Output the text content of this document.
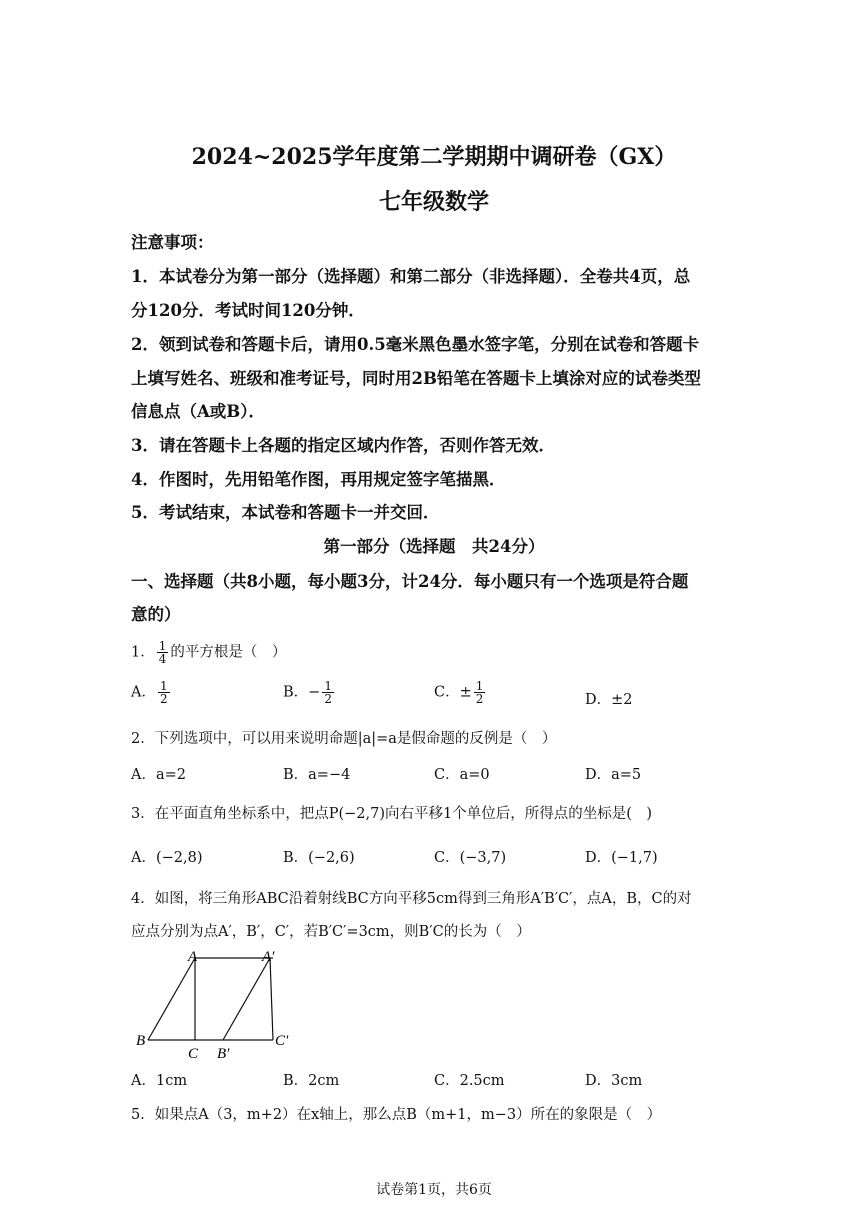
2024~2025学年度第二学期期中调研卷（GX）
七年级数学
注意事项：
1．本试卷分为第一部分（选择题）和第二部分（非选择题）．全卷共4页，总
分120分．考试时间120分钟．
2．领到试卷和答题卡后，请用0.5毫米黑色墨水签字笔，分别在试卷和答题卡
上填写姓名、班级和准考证号，同时用2B铅笔在答题卡上填涂对应的试卷类型
信息点（A或B）．
3．请在答题卡上各题的指定区域内作答，否则作答无效．
4．作图时，先用铅笔作图，再用规定签字笔描黑．
5．考试结束，本试卷和答题卡一并交回．
第一部分（选择题　共24分）
一、选择题（共8小题，每小题3分，计24分．每小题只有一个选项是符合题
意的）
1． $\frac{1}{4}$ 的平方根是（　）
A． $\frac{1}{2}$	B．− $\frac{1}{2}$	C．± $\frac{1}{2}$	D．±2
2．下列选项中，可以用来说明命题|a|=a是假命题的反例是（　）
A．a=2	B．a=−4	C．a=0	D．a=5
3．在平面直角坐标系中，把点P(−2,7)向右平移1个单位后，所得点的坐标是(　)
A．(−2,8)	B．(−2,6)	C．(−3,7)	D．(−1,7)
4．如图，将三角形ABC沿着射线BC方向平移5cm得到三角形A′B′C′，点A，B，C的对
应点分别为点A′，B′，C′，若B′C′=3cm，则B′C的长为（　）
A	A′
B
C B′
C′
A．1cm	B．2cm	C．2.5cm	D．3cm
5．如果点A（3，m+2）在x轴上，那么点B（m+1，m−3）所在的象限是（　）
试卷第1页，共6页
